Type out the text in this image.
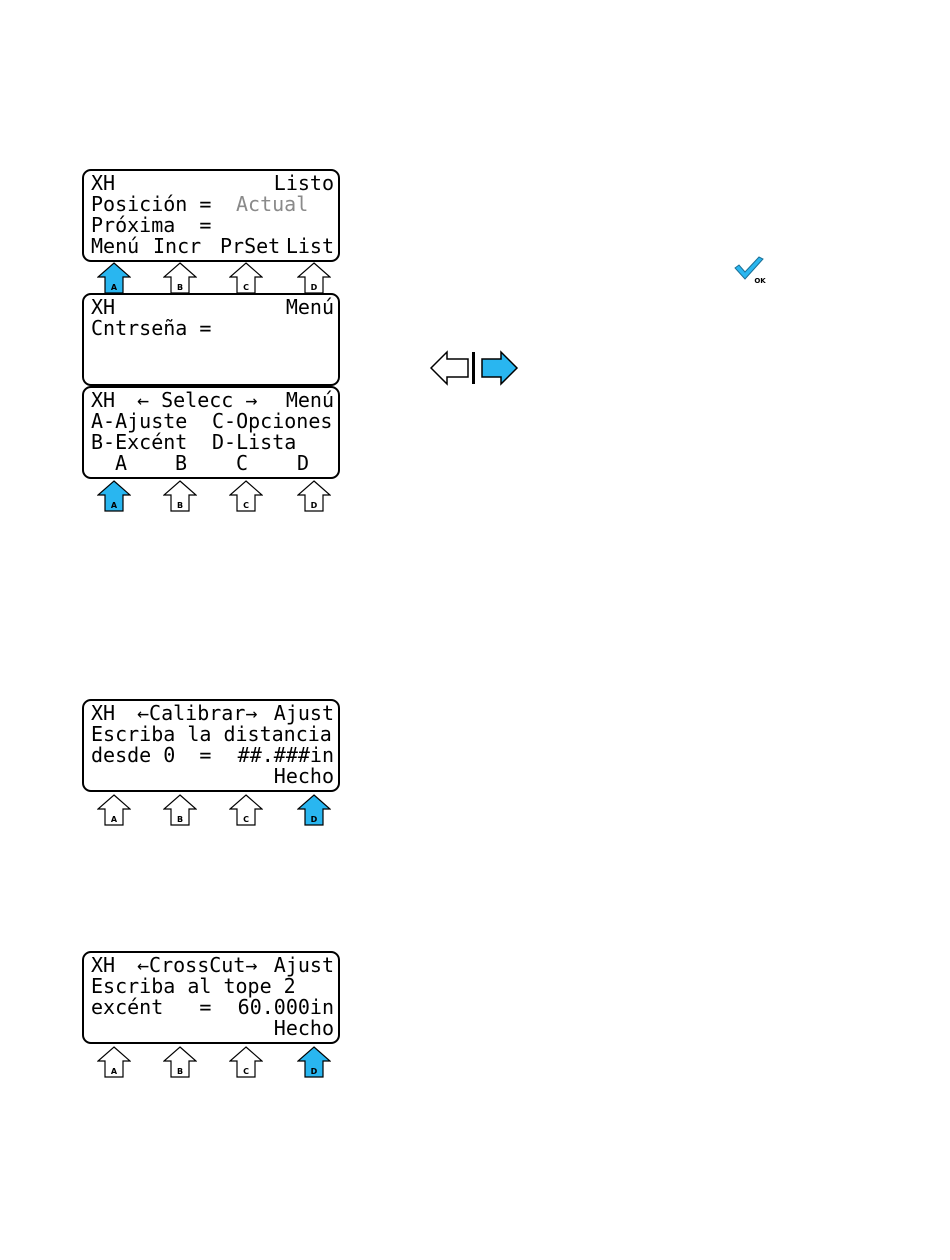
XH

	Listo

Posición =

Actual

Próxima  =

Menú

Incr

PrSet

List

A	B	C	D

XH

	Menú

Cntrseña =

XH

← Selecc →

Menú

A-Ajuste

C-Opciones

B-Excént

D-Lista

A

B

C

D

A	B	C	D
OK

XH

←Calibrar→

Ajust

Escriba la distancia

desde 0  =

##.###in

Hecho

A	B	C	D

XH

←CrossCut→

Ajust

Escriba al tope 2

excént   =

60.000in

Hecho

A	B	C	D
